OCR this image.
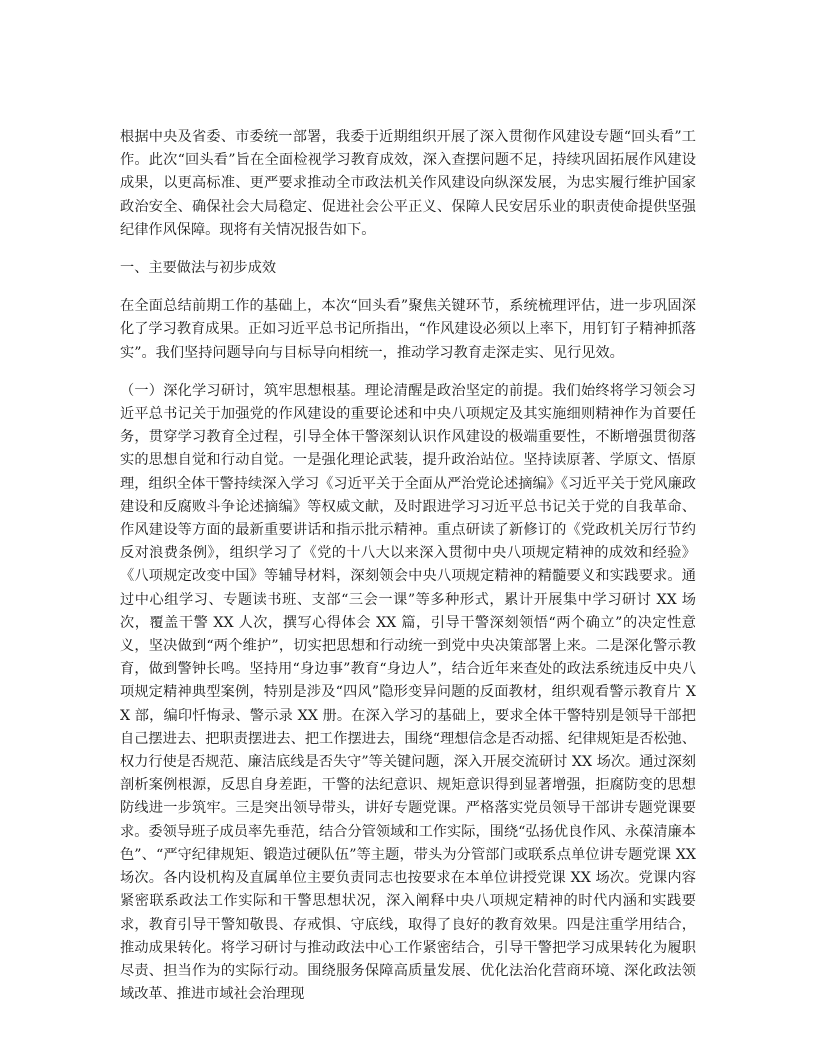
根据中央及省委、市委统一部署，我委于近期组织开展了深入贯彻作风建设专题“回头看”工作。此次“回头看”旨在全面检视学习教育成效，深入查摆问题不足，持续巩固拓展作风建设成果，以更高标准、更严要求推动全市政法机关作风建设向纵深发展，为忠实履行维护国家政治安全、确保社会大局稳定、促进社会公平正义、保障人民安居乐业的职责使命提供坚强纪律作风保障。现将有关情况报告如下。

一、主要做法与初步成效

在全面总结前期工作的基础上，本次“回头看”聚焦关键环节，系统梳理评估，进一步巩固深化了学习教育成果。正如习近平总书记所指出，“作风建设必须以上率下，用钉钉子精神抓落实”。我们坚持问题导向与目标导向相统一，推动学习教育走深走实、见行见效。

（一）深化学习研讨，筑牢思想根基。理论清醒是政治坚定的前提。我们始终将学习领会习近平总书记关于加强党的作风建设的重要论述和中央八项规定及其实施细则精神作为首要任务，贯穿学习教育全过程，引导全体干警深刻认识作风建设的极端重要性，不断增强贯彻落实的思想自觉和行动自觉。一是强化理论武装，提升政治站位。坚持读原著、学原文、悟原理，组织全体干警持续深入学习《习近平关于全面从严治党论述摘编》《习近平关于党风廉政建设和反腐败斗争论述摘编》等权威文献，及时跟进学习习近平总书记关于党的自我革命、作风建设等方面的最新重要讲话和指示批示精神。重点研读了新修订的《党政机关厉行节约反对浪费条例》，组织学习了《党的十八大以来深入贯彻中央八项规定精神的成效和经验》《八项规定改变中国》等辅导材料，深刻领会中央八项规定精神的精髓要义和实践要求。通过中心组学习、专题读书班、支部“三会一课”等多种形式，累计开展集中学习研讨 XX 场次，覆盖干警 XX 人次，撰写心得体会 XX 篇，引导干警深刻领悟“两个确立”的决定性意义，坚决做到“两个维护”，切实把思想和行动统一到党中央决策部署上来。二是深化警示教育，做到警钟长鸣。坚持用“身边事”教育“身边人”，结合近年来查处的政法系统违反中央八项规定精神典型案例，特别是涉及“四风”隐形变异问题的反面教材，组织观看警示教育片 XX 部，编印忏悔录、警示录 XX 册。在深入学习的基础上，要求全体干警特别是领导干部把自己摆进去、把职责摆进去、把工作摆进去，围绕“理想信念是否动摇、纪律规矩是否松弛、权力行使是否规范、廉洁底线是否失守”等关键问题，深入开展交流研讨 XX 场次。通过深刻剖析案例根源，反思自身差距，干警的法纪意识、规矩意识得到显著增强，拒腐防变的思想防线进一步筑牢。三是突出领导带头，讲好专题党课。严格落实党员领导干部讲专题党课要求。委领导班子成员率先垂范，结合分管领域和工作实际，围绕“弘扬优良作风、永葆清廉本色”、“严守纪律规矩、锻造过硬队伍”等主题，带头为分管部门或联系点单位讲专题党课 XX 场次。各内设机构及直属单位主要负责同志也按要求在本单位讲授党课 XX 场次。党课内容紧密联系政法工作实际和干警思想状况，深入阐释中央八项规定精神的时代内涵和实践要求，教育引导干警知敬畏、存戒惧、守底线，取得了良好的教育效果。四是注重学用结合，推动成果转化。将学习研讨与推动政法中心工作紧密结合，引导干警把学习成果转化为履职尽责、担当作为的实际行动。围绕服务保障高质量发展、优化法治化营商环境、深化政法领域改革、推进市域社会治理现
